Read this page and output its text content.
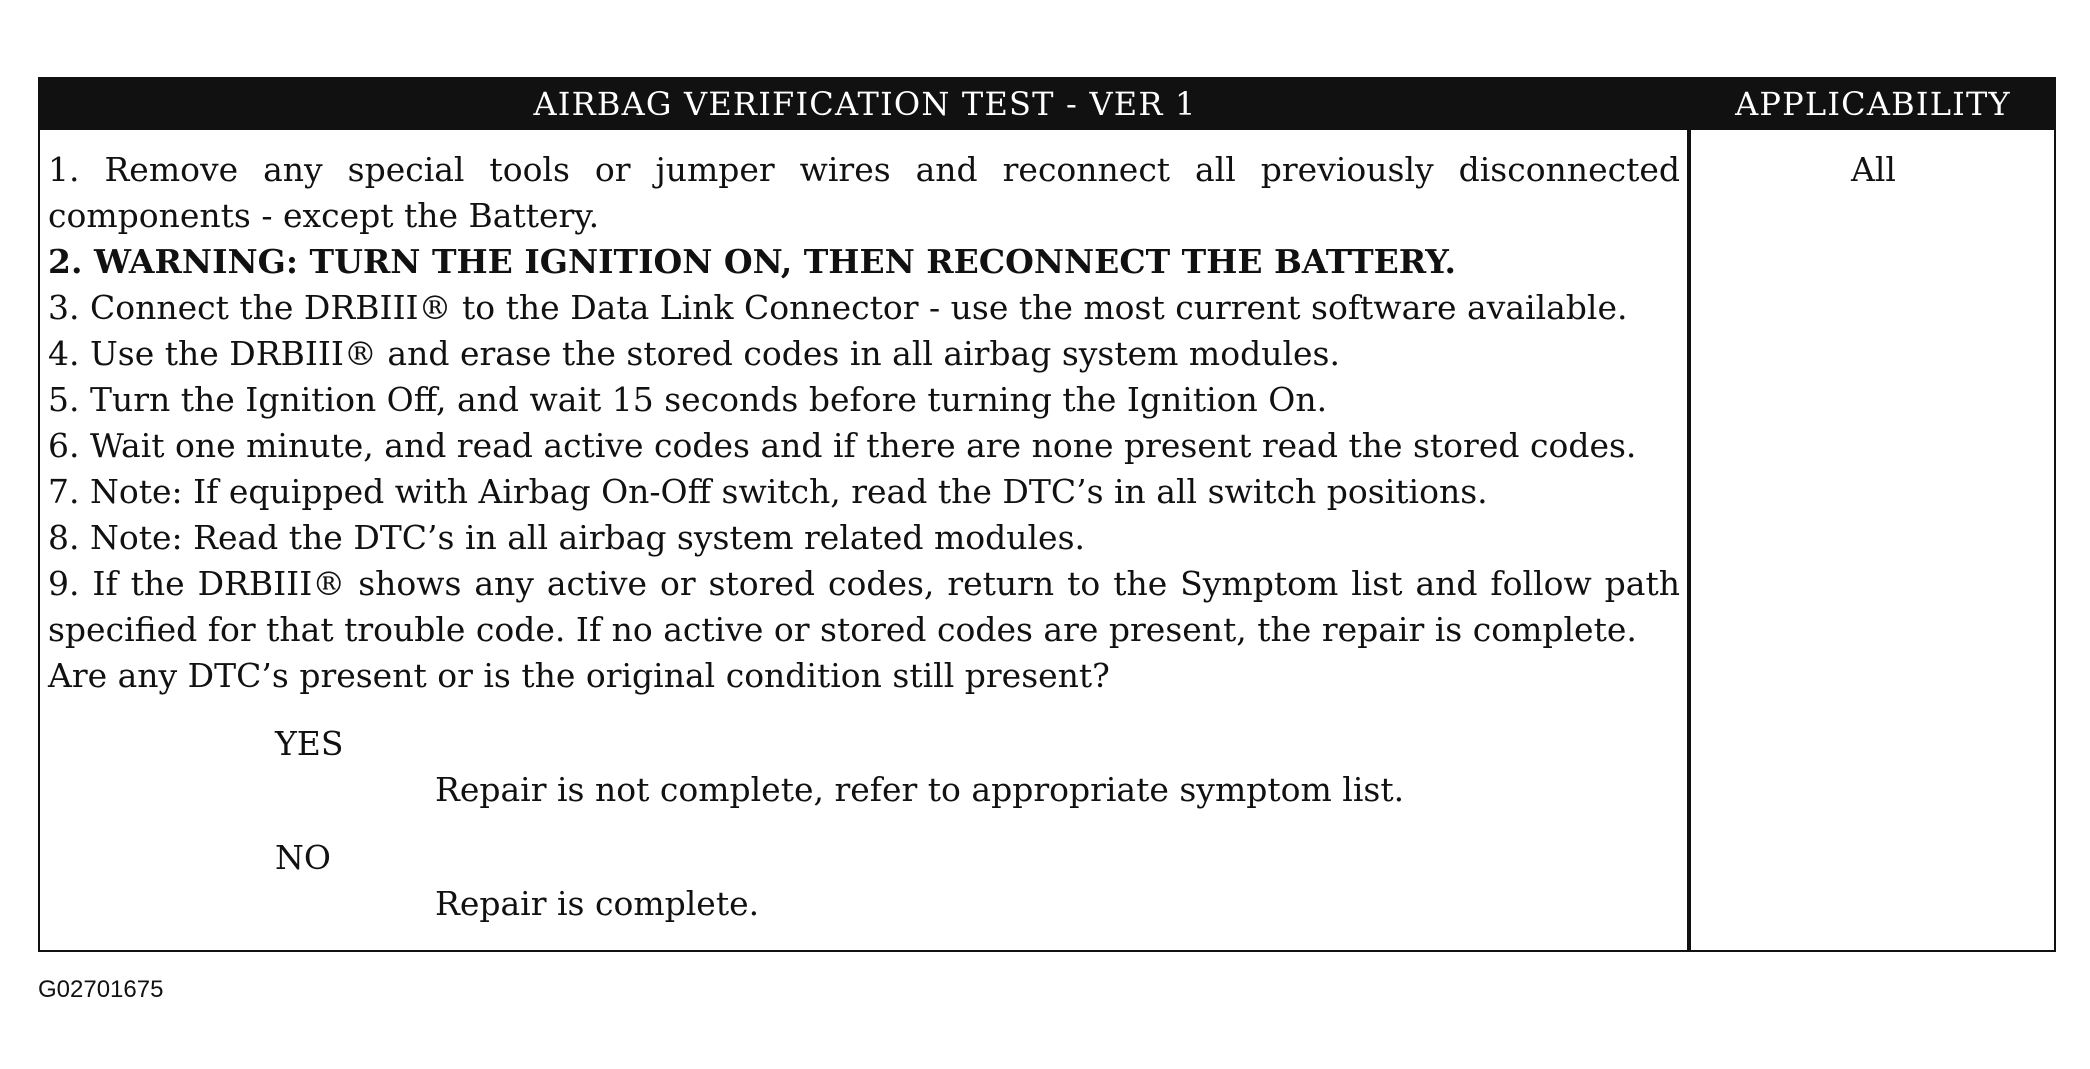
AIRBAG VERIFICATION TEST - VER 1	APPLICABILITY

1. Remove any special tools or jumper wires and reconnect all previously disconnected components - except the Battery.

2. WARNING: TURN THE IGNITION ON, THEN RECONNECT THE BATTERY.

3. Connect the DRBIII® to the Data Link Connector - use the most current software available.

4. Use the DRBIII® and erase the stored codes in all airbag system modules.

5. Turn the Ignition Off, and wait 15 seconds before turning the Ignition On.

6. Wait one minute, and read active codes and if there are none present read the stored codes.

7. Note: If equipped with Airbag On-Off switch, read the DTC’s in all switch positions.

8. Note: Read the DTC’s in all airbag system related modules.

9. If the DRBIII® shows any active or stored codes, return to the Symptom list and follow path specified for that trouble code. If no active or stored codes are present, the repair is complete.

Are any DTC’s present or is the original condition still present?

YES

Repair is not complete, refer to appropriate symptom list.

NO

Repair is complete.

All
G02701675
